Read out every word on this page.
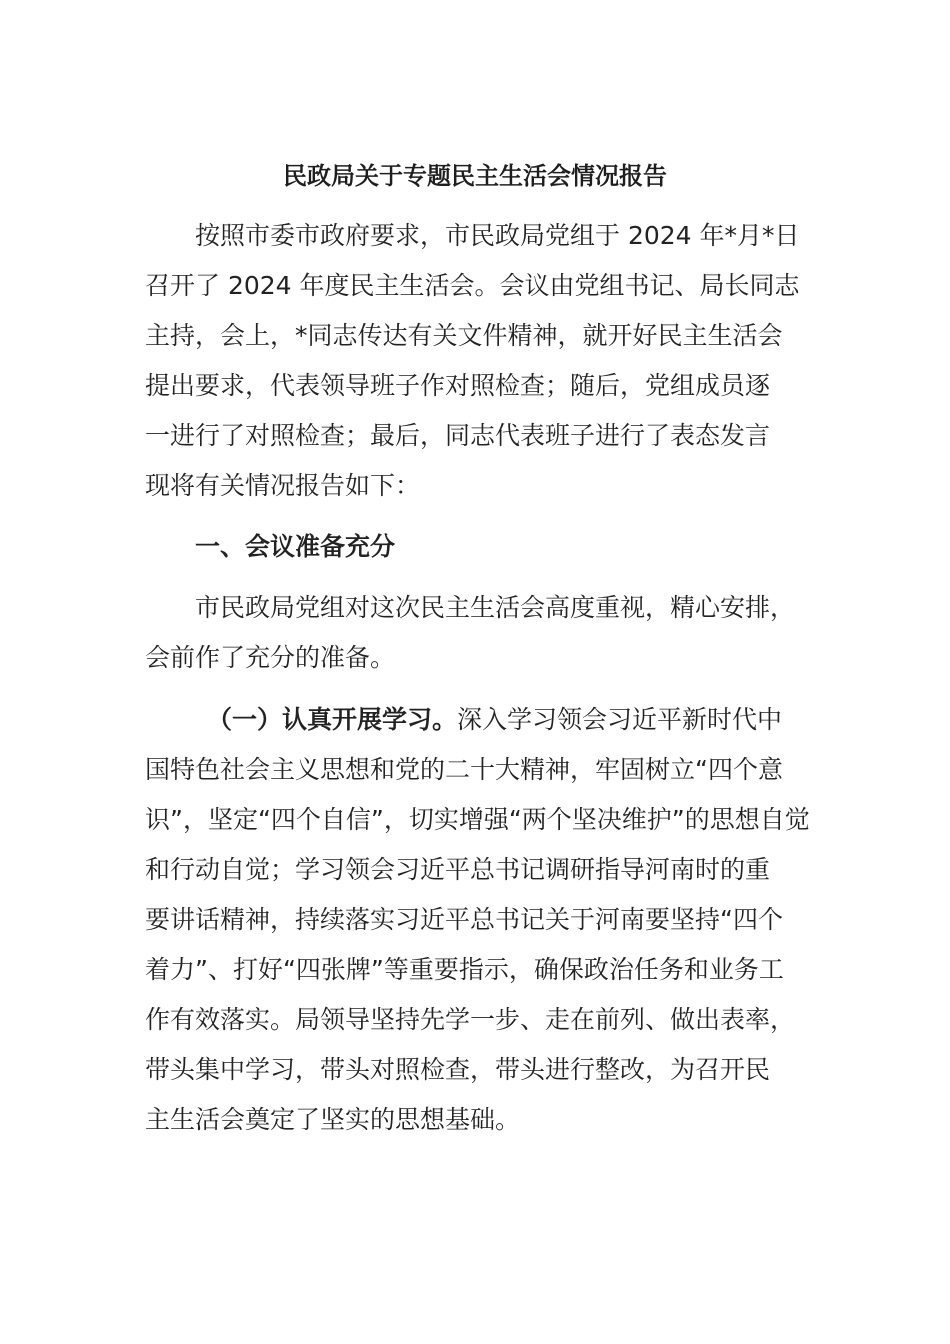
民政局关于专题民主生活会情况报告
按照市委市政府要求，市民政局党组于 2024 年*月*日
召开了 2024 年度民主生活会。会议由党组书记、局长同志
主持，会上，*同志传达有关文件精神，就开好民主生活会
提出要求，代表领导班子作对照检查；随后，党组成员逐
一进行了对照检查；最后，同志代表班子进行了表态发言
现将有关情况报告如下：
一、会议准备充分
市民政局党组对这次民主生活会高度重视，精心安排，
会前作了充分的准备。
（一）认真开展学习。深入学习领会习近平新时代中
国特色社会主义思想和党的二十大精神，牢固树立“四个意
识”，坚定“四个自信”，切实增强“两个坚决维护”的思想自觉
和行动自觉；学习领会习近平总书记调研指导河南时的重
要讲话精神，持续落实习近平总书记关于河南要坚持“四个
着力”、打好“四张牌”等重要指示，确保政治任务和业务工
作有效落实。局领导坚持先学一步、走在前列、做出表率，
带头集中学习，带头对照检查，带头进行整改，为召开民
主生活会奠定了坚实的思想基础。
